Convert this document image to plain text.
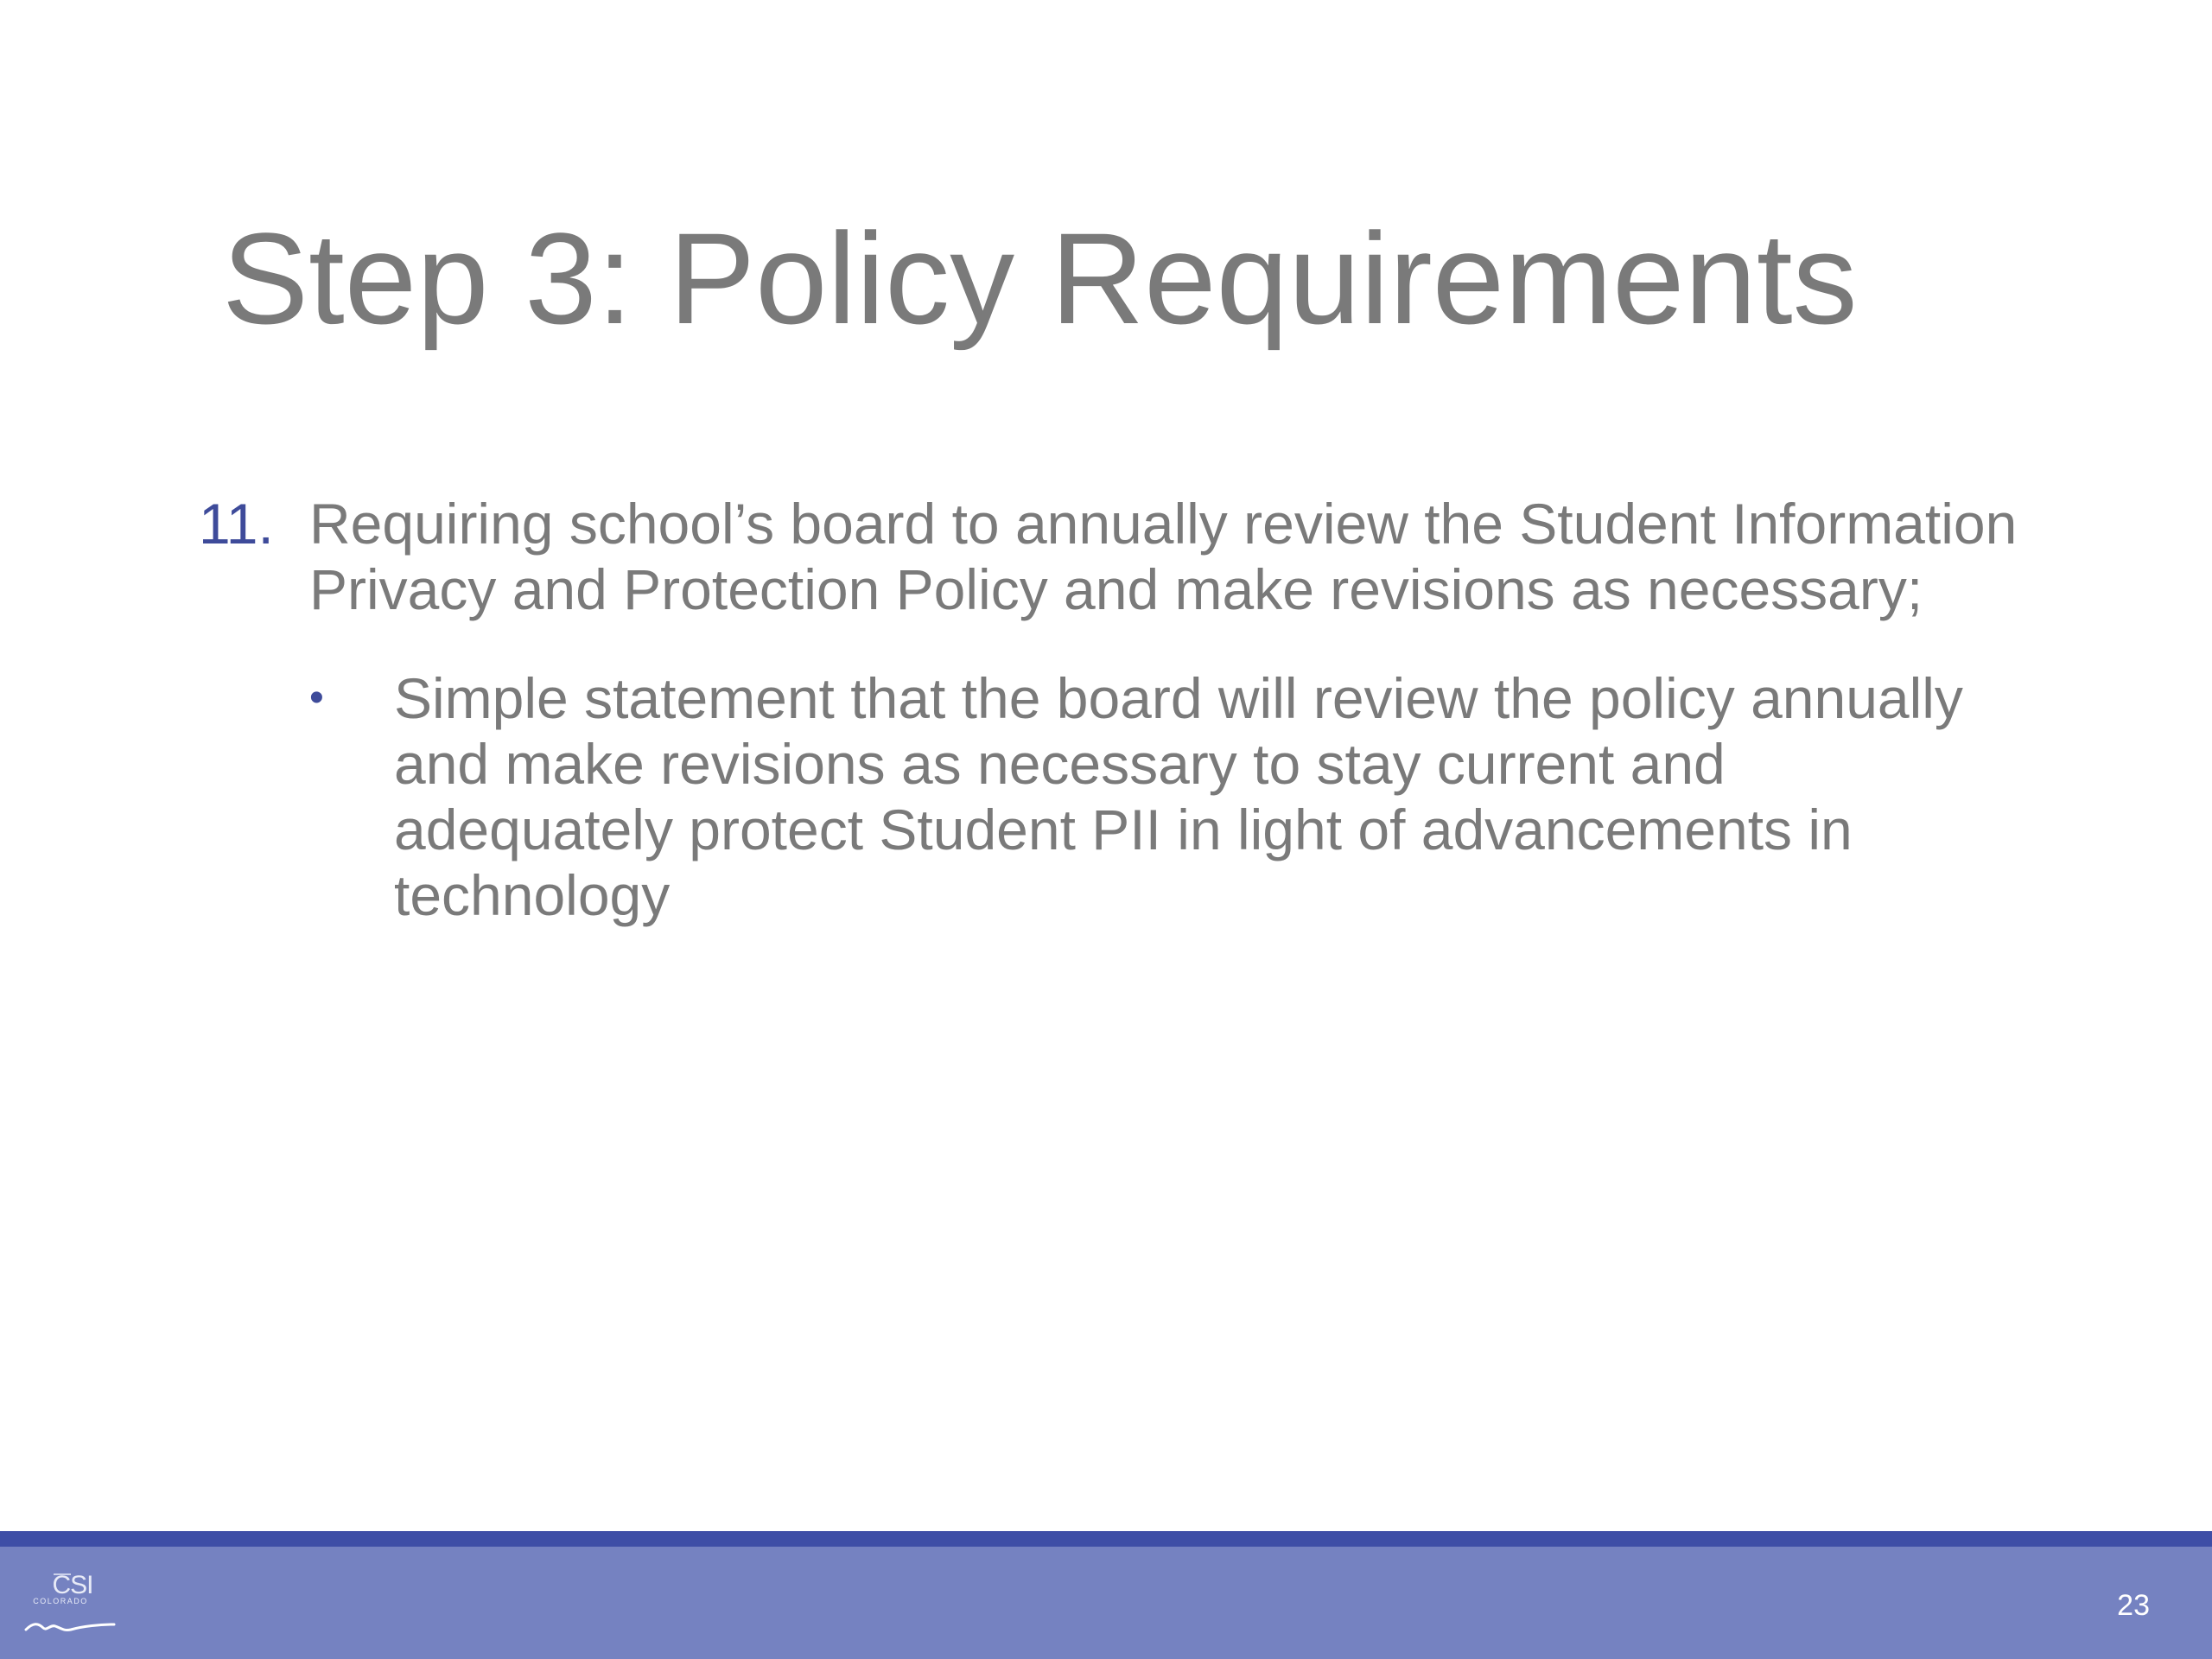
Step 3: Policy Requirements
11. Requiring school’s board to annually review the Student Information Privacy and Protection Policy and make revisions as necessary;
•	Simple statement that the board will review the policy annually and make revisions as necessary to stay current and adequately protect Student PII in light of advancements in technology
CSI
COLORADO	23
